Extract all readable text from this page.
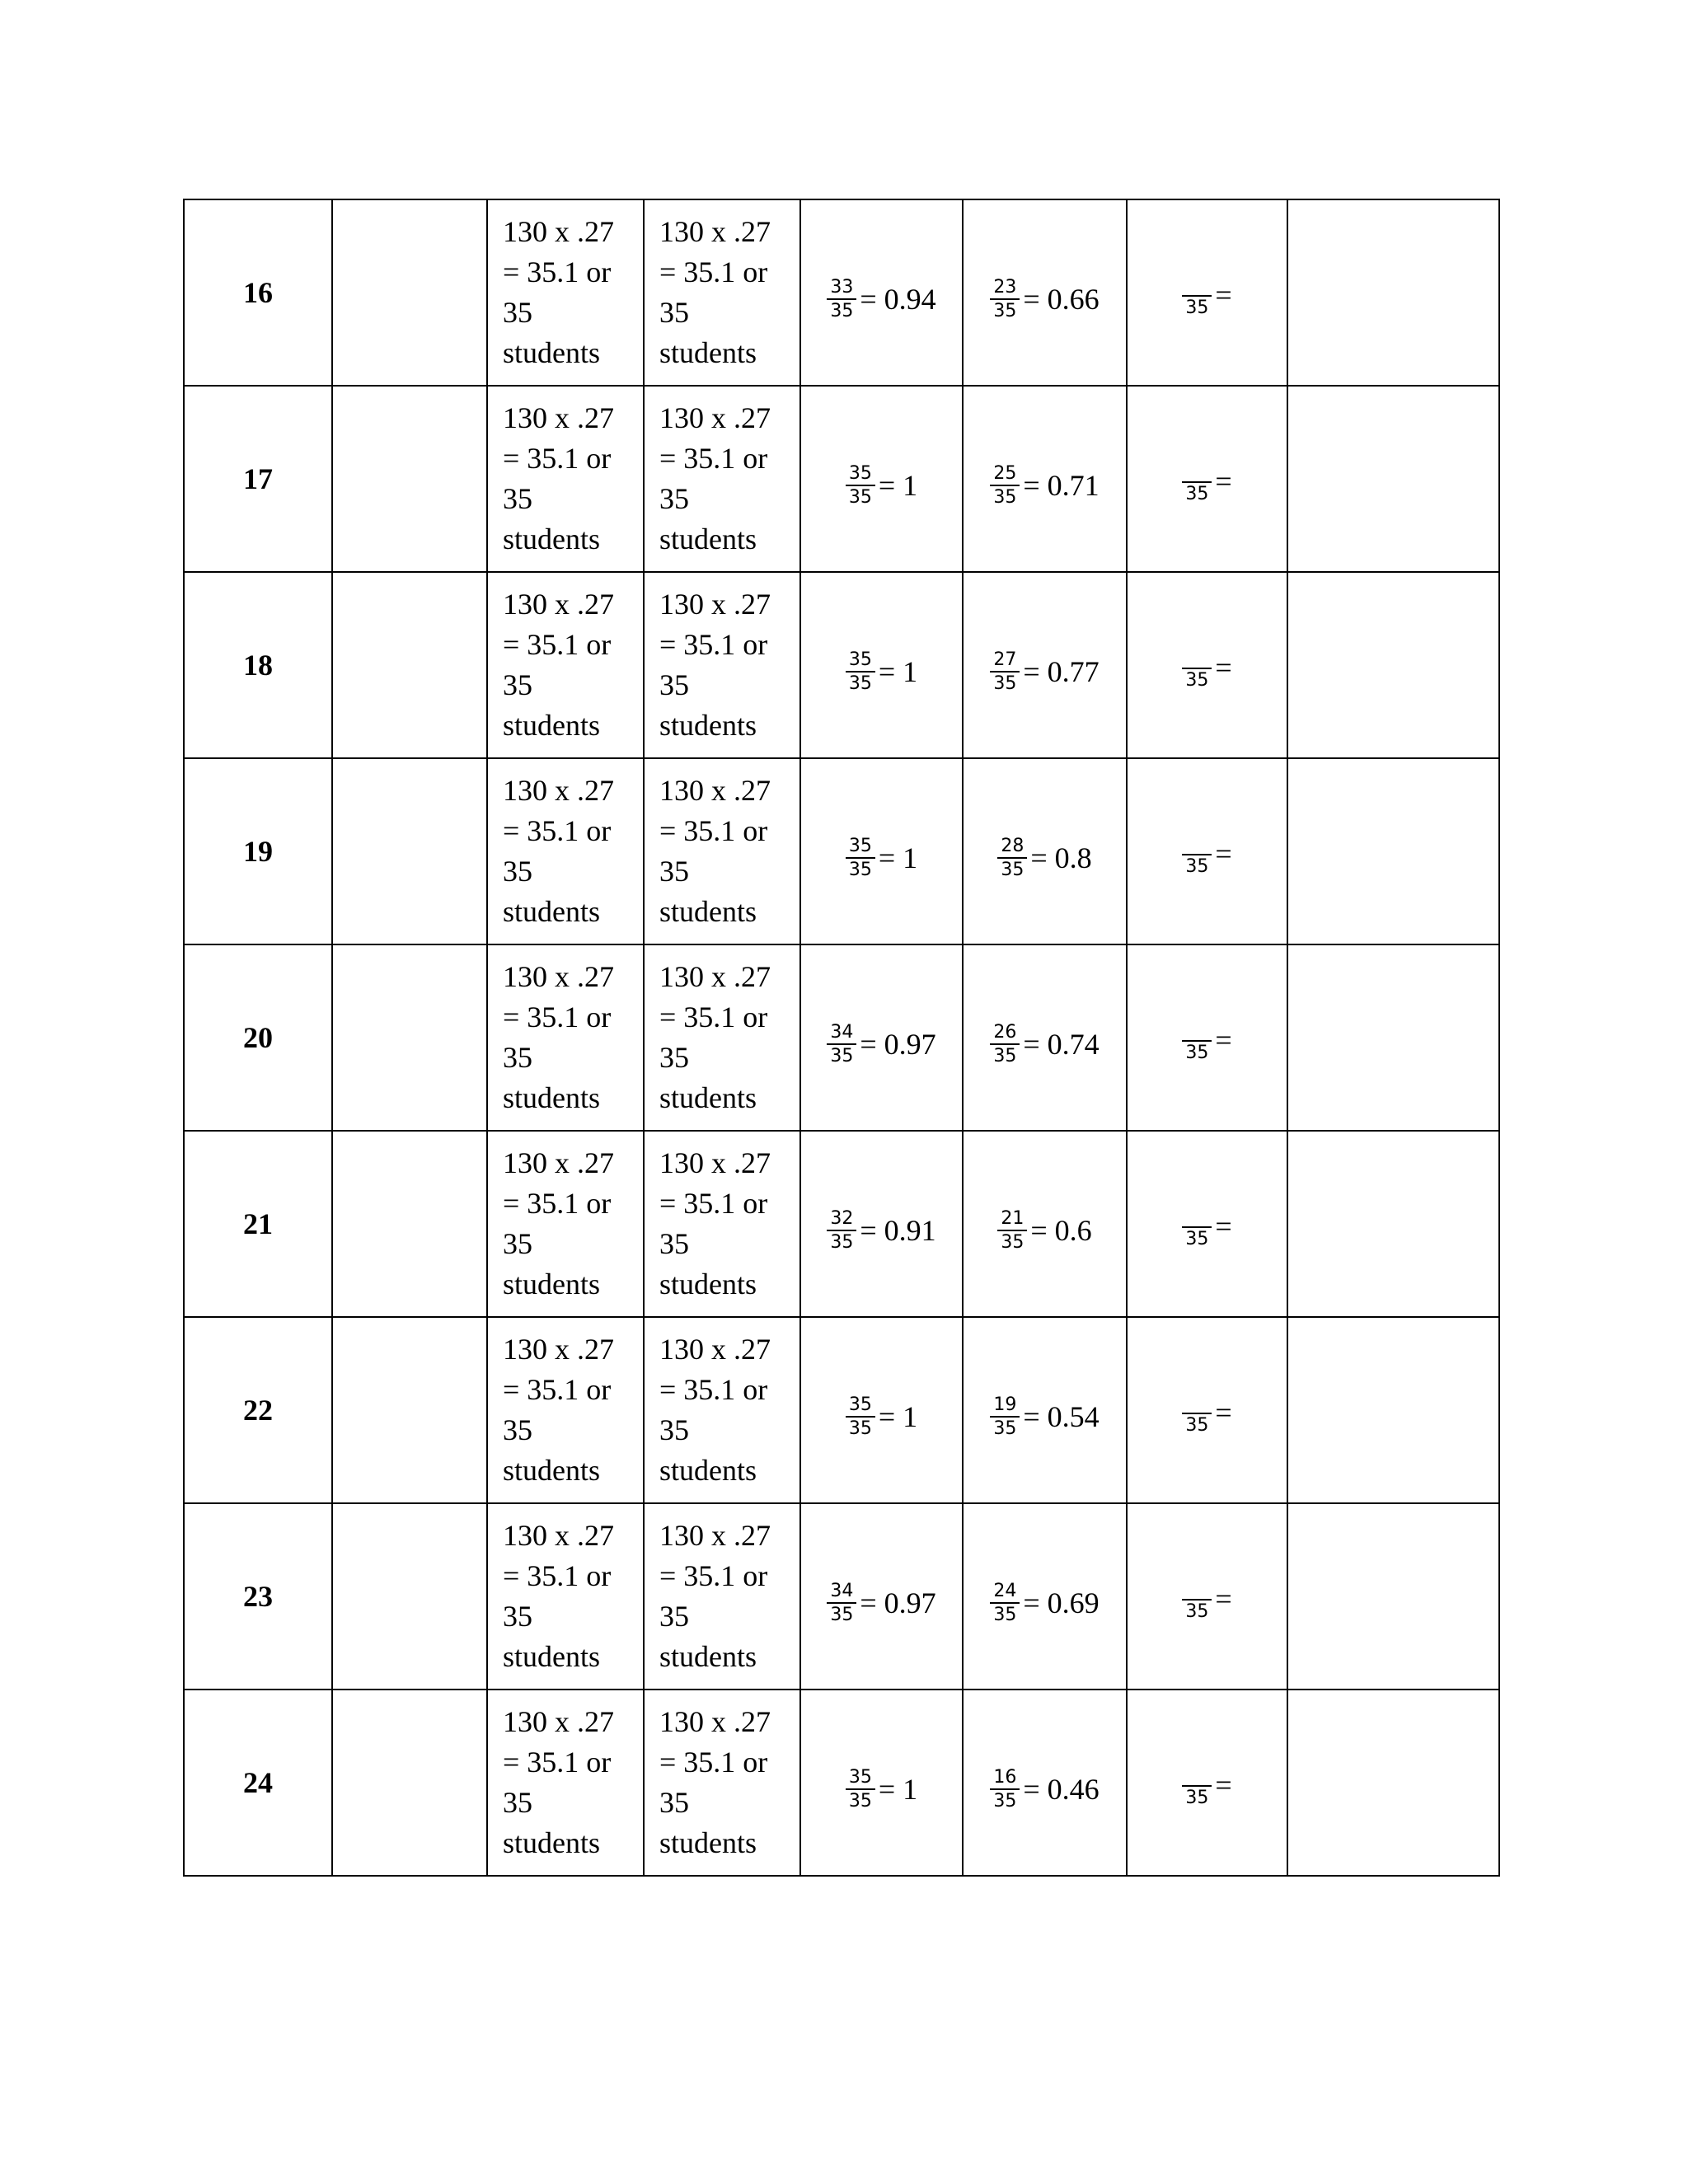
16		130 x .27
= 35.1 or
35
students	130 x .27
= 35.1 or
35
students	$\frac{33}{35} = 0.94$	$\frac{23}{35} = 0.66$	35 =	

17		130 x .27
= 35.1 or
35
students	130 x .27
= 35.1 or
35
students	$\frac{35}{35} = 1$	$\frac{25}{35} = 0.71$	35 =	

18		130 x .27
= 35.1 or
35
students	130 x .27
= 35.1 or
35
students	$\frac{35}{35} = 1$	$\frac{27}{35} = 0.77$	35 =	

19		130 x .27
= 35.1 or
35
students	130 x .27
= 35.1 or
35
students	$\frac{35}{35} = 1$	$\frac{28}{35} = 0.8$	35 =	

20		130 x .27
= 35.1 or
35
students	130 x .27
= 35.1 or
35
students	$\frac{34}{35} = 0.97$	$\frac{26}{35} = 0.74$	35 =	

21		130 x .27
= 35.1 or
35
students	130 x .27
= 35.1 or
35
students	$\frac{32}{35} = 0.91$	$\frac{21}{35} = 0.6$	35 =	

22		130 x .27
= 35.1 or
35
students	130 x .27
= 35.1 or
35
students	$\frac{35}{35} = 1$	$\frac{19}{35} = 0.54$	35 =	

23		130 x .27
= 35.1 or
35
students	130 x .27
= 35.1 or
35
students	$\frac{34}{35} = 0.97$	$\frac{24}{35} = 0.69$	35 =	

24		130 x .27
= 35.1 or
35
students	130 x .27
= 35.1 or
35
students	$\frac{35}{35} = 1$	$\frac{16}{35} = 0.46$	35 =	
